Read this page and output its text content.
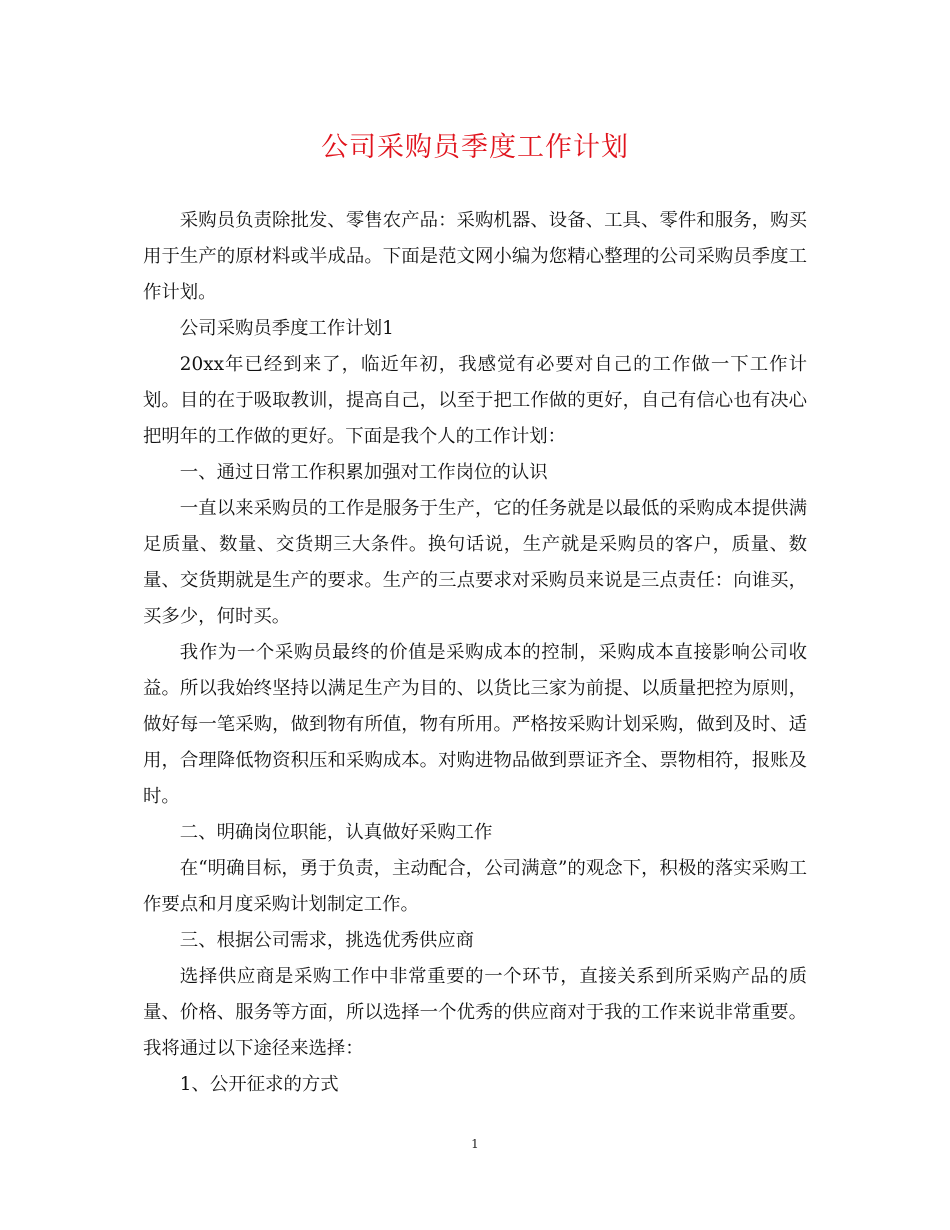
公司采购员季度工作计划

采购员负责除批发、零售农产品：采购机器、设备、工具、零件和服务，购买用于生产的原材料或半成品。下面是范文网小编为您精心整理的公司采购员季度工作计划。

公司采购员季度工作计划1

20xx年已经到来了，临近年初，我感觉有必要对自己的工作做一下工作计划。目的在于吸取教训，提高自己，以至于把工作做的更好，自己有信心也有决心把明年的工作做的更好。下面是我个人的工作计划：

一、通过日常工作积累加强对工作岗位的认识

一直以来采购员的工作是服务于生产，它的任务就是以最低的采购成本提供满足质量、数量、交货期三大条件。换句话说，生产就是采购员的客户，质量、数量、交货期就是生产的要求。生产的三点要求对采购员来说是三点责任：向谁买，买多少，何时买。

我作为一个采购员最终的价值是采购成本的控制，采购成本直接影响公司收益。所以我始终坚持以满足生产为目的、以货比三家为前提、以质量把控为原则，做好每一笔采购，做到物有所值，物有所用。严格按采购计划采购，做到及时、适用，合理降低物资积压和采购成本。对购进物品做到票证齐全、票物相符，报账及时。

二、明确岗位职能，认真做好采购工作

在“明确目标，勇于负责，主动配合，公司满意”的观念下，积极的落实采购工作要点和月度采购计划制定工作。

三、根据公司需求，挑选优秀供应商

选择供应商是采购工作中非常重要的一个环节，直接关系到所采购产品的质量、价格、服务等方面，所以选择一个优秀的供应商对于我的工作来说非常重要。我将通过以下途径来选择：

1、公开征求的方式

1
